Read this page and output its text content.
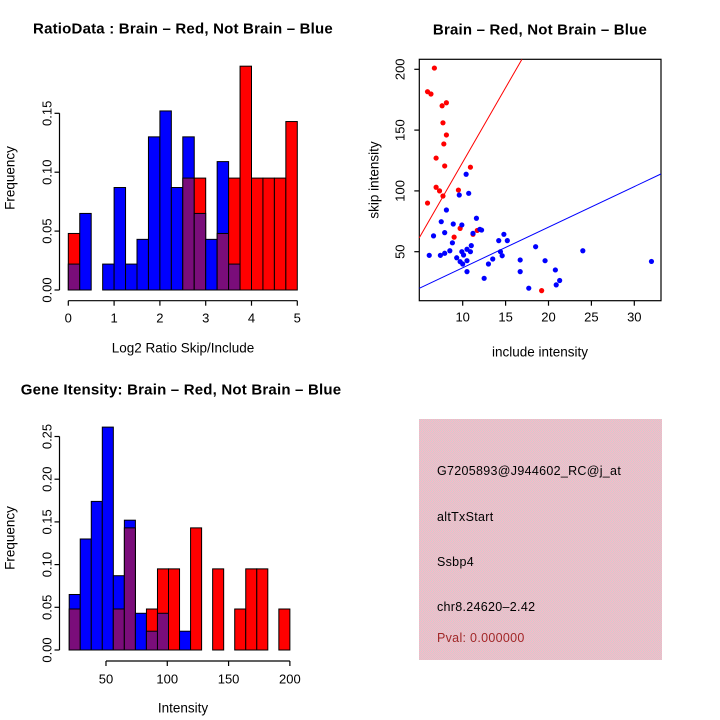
0	1	2	3	4	5
0.00
0.05
0.10
0.15
10 15 20 25 30
50
100
150
200
50	100	150	200
0.00
0.05
0.10
0.15
0.20
0.25
RatioData : Brain – Red, Not Brain – Blue	Brain – Red, Not Brain – Blue
Gene Itensity: Brain – Red, Not Brain – Blue
Log2 Ratio Skip/Include
Frequency
include intensity
skip intensity
Intensity
Frequency
G7205893@J944602_RC@j_at
altTxStart
Ssbp4
chr8.24620–2.42
Pval: 0.000000
